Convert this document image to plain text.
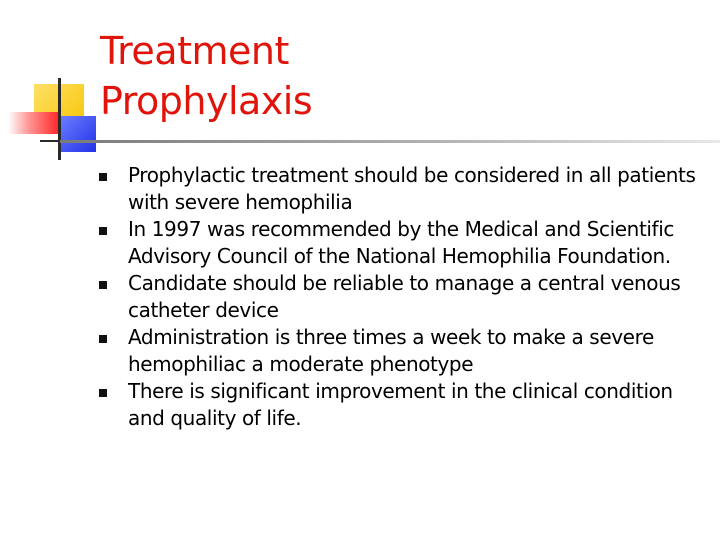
Treatment
Prophylaxis
Prophylactic treatment should be considered in all patients with severe hemophilia
In 1997 was recommended by the Medical and Scientific Advisory Council of the National Hemophilia Foundation.
Candidate should be reliable to manage a central venous catheter device
Administration is three times a week to make a severe hemophiliac a moderate phenotype
There is significant improvement in the clinical condition and quality of life.
